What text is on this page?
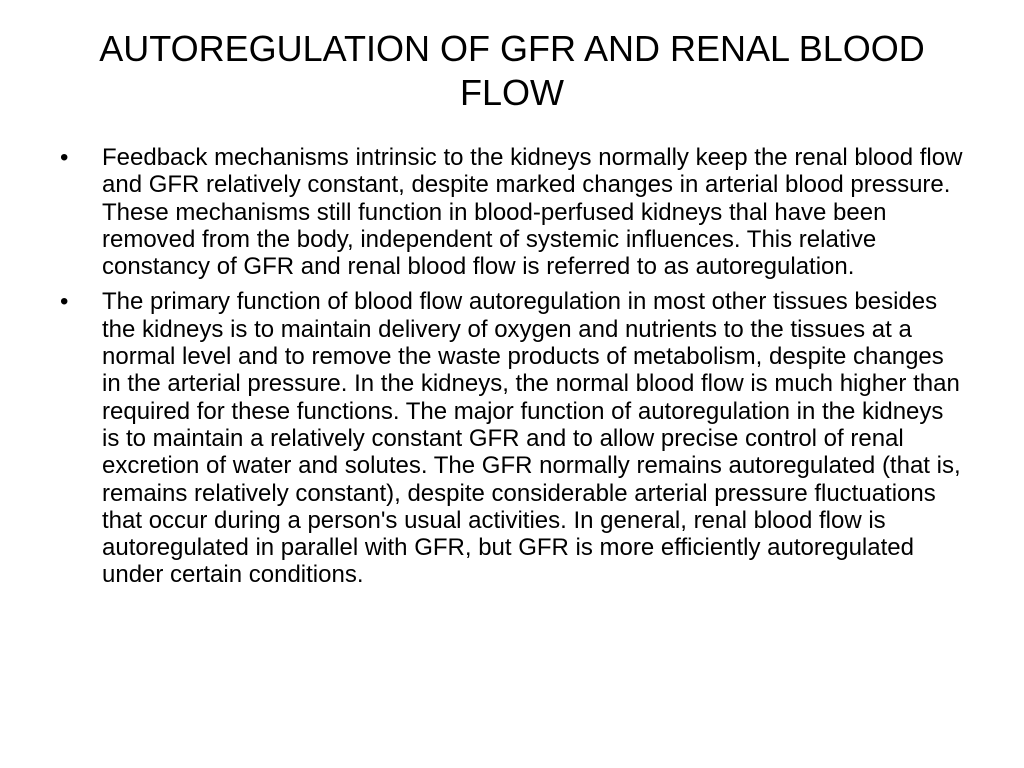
AUTOREGULATION OF GFR AND RENAL BLOOD FLOW
• Feedback mechanisms intrinsic to the kidneys normally keep the renal blood flow and GFR relatively constant, despite marked changes in arterial blood pressure. These mechanisms still function in blood-perfused kidneys thal have been removed from the body, independent of systemic influences. This relative constancy of GFR and renal blood flow is referred to as autoregulation.
• The primary function of blood flow autoregulation in most other tissues besides the kidneys is to maintain delivery of oxygen and nutrients to the tissues at a normal level and to remove the waste products of metabolism, despite changes in the arterial pressure. In the kidneys, the normal blood flow is much higher than required for these functions. The major function of autoregulation in the kidneys is to maintain a relatively constant GFR and to allow precise control of renal excretion of water and solutes. The GFR normally remains autoregulated (that is, remains relatively constant), despite considerable arterial pressure fluctuations that occur during a person's usual activities. In general, renal blood flow is autoregulated in parallel with GFR, but GFR is more efficiently autoregulated under certain conditions.
